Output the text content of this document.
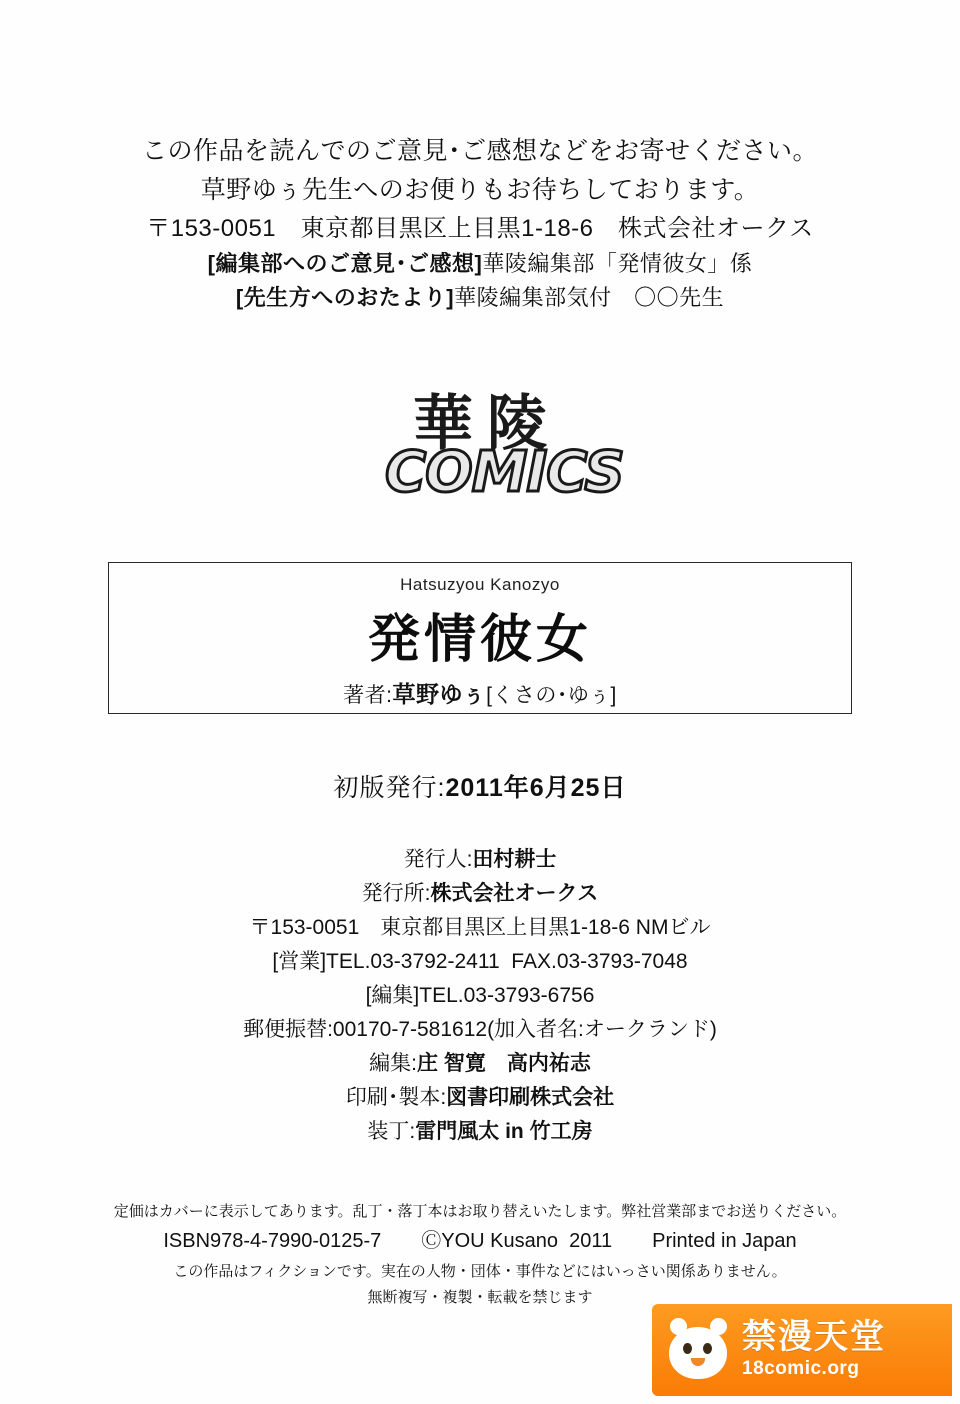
この作品を読んでのご意見･ご感想などをお寄せください。
草野ゆぅ先生へのお便りもお待ちしております。
〒153-0051　東京都目黒区上目黒1-18-6　株式会社オークス
[編集部へのご意見･ご感想]華陵編集部「発情彼女」係
[先生方へのおたより]華陵編集部気付　〇〇先生
華陵
COMICS
Hatsuzyou Kanozyo
発情彼女
著者:草野ゆぅ[くさの･ゆぅ]
初版発行:2011年6月25日
発行人:田村耕士
発行所:株式会社オークス
〒153-0051　東京都目黒区上目黒1-18-6 NMビル
[営業]TEL.03-3792-2411  FAX.03-3793-7048
[編集]TEL.03-3793-6756
郵便振替:00170-7-581612(加入者名:オークランド)
編集:庄 智寛　高内祐志
印刷･製本:図書印刷株式会社
装丁:雷門風太 in 竹工房
定価はカバーに表示してあります。乱丁・落丁本はお取り替えいたします。弊社営業部までお送りください。
ISBN978-4-7990-0125-7　　ⒸYOU Kusano  2011　　Printed in Japan
この作品はフィクションです。実在の人物・団体・事件などにはいっさい関係ありません。
無断複写・複製・転載を禁じます
禁漫天堂
18comic.org
